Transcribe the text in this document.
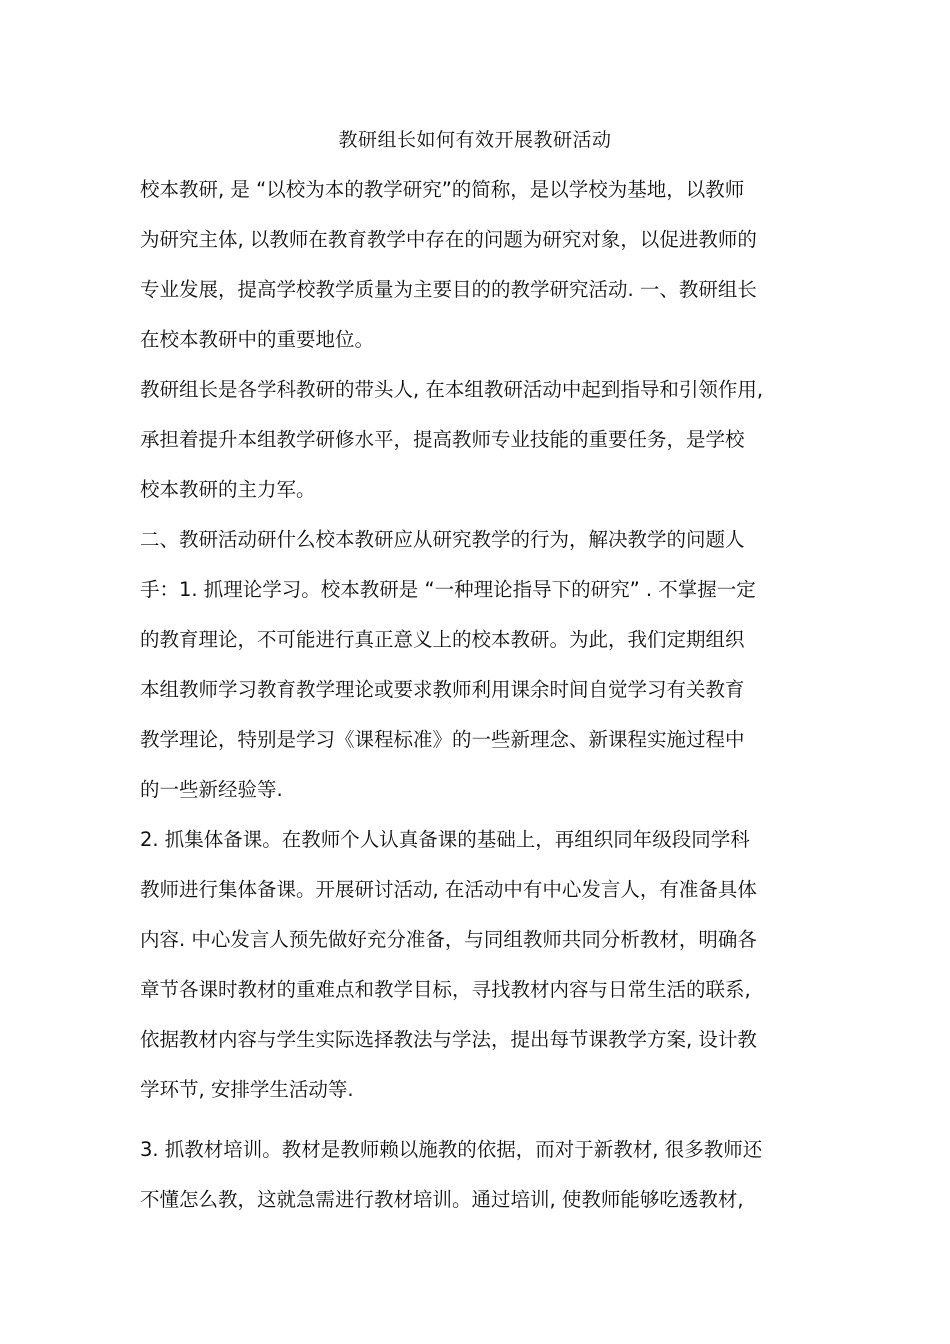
教研组长如何有效开展教研活动
校本教研, 是 “以校为本的教学研究”的简称，是以学校为基地，以教师
为研究主体, 以教师在教育教学中存在的问题为研究对象，以促进教师的
专业发展，提高学校教学质量为主要目的的教学研究活动. 一、教研组长
在校本教研中的重要地位。
教研组长是各学科教研的带头人, 在本组教研活动中起到指导和引领作用,
承担着提升本组教学研修水平，提高教师专业技能的重要任务，是学校
校本教研的主力军。
二、教研活动研什么校本教研应从研究教学的行为，解决教学的问题人
手：1. 抓理论学习。校本教研是 “一种理论指导下的研究” . 不掌握一定
的教育理论，不可能进行真正意义上的校本教研。为此，我们定期组织
本组教师学习教育教学理论或要求教师利用课余时间自觉学习有关教育
教学理论，特别是学习《课程标准》的一些新理念、新课程实施过程中
的一些新经验等.
2. 抓集体备课。在教师个人认真备课的基础上，再组织同年级段同学科
教师进行集体备课。开展研讨活动, 在活动中有中心发言人，有准备具体
内容. 中心发言人预先做好充分准备，与同组教师共同分析教材，明确各
章节各课时教材的重难点和教学目标，寻找教材内容与日常生活的联系,
依据教材内容与学生实际选择教法与学法，提出每节课教学方案, 设计教
学环节, 安排学生活动等.
3. 抓教材培训。教材是教师赖以施教的依据，而对于新教材, 很多教师还
不懂怎么教，这就急需进行教材培训。通过培训, 使教师能够吃透教材,
